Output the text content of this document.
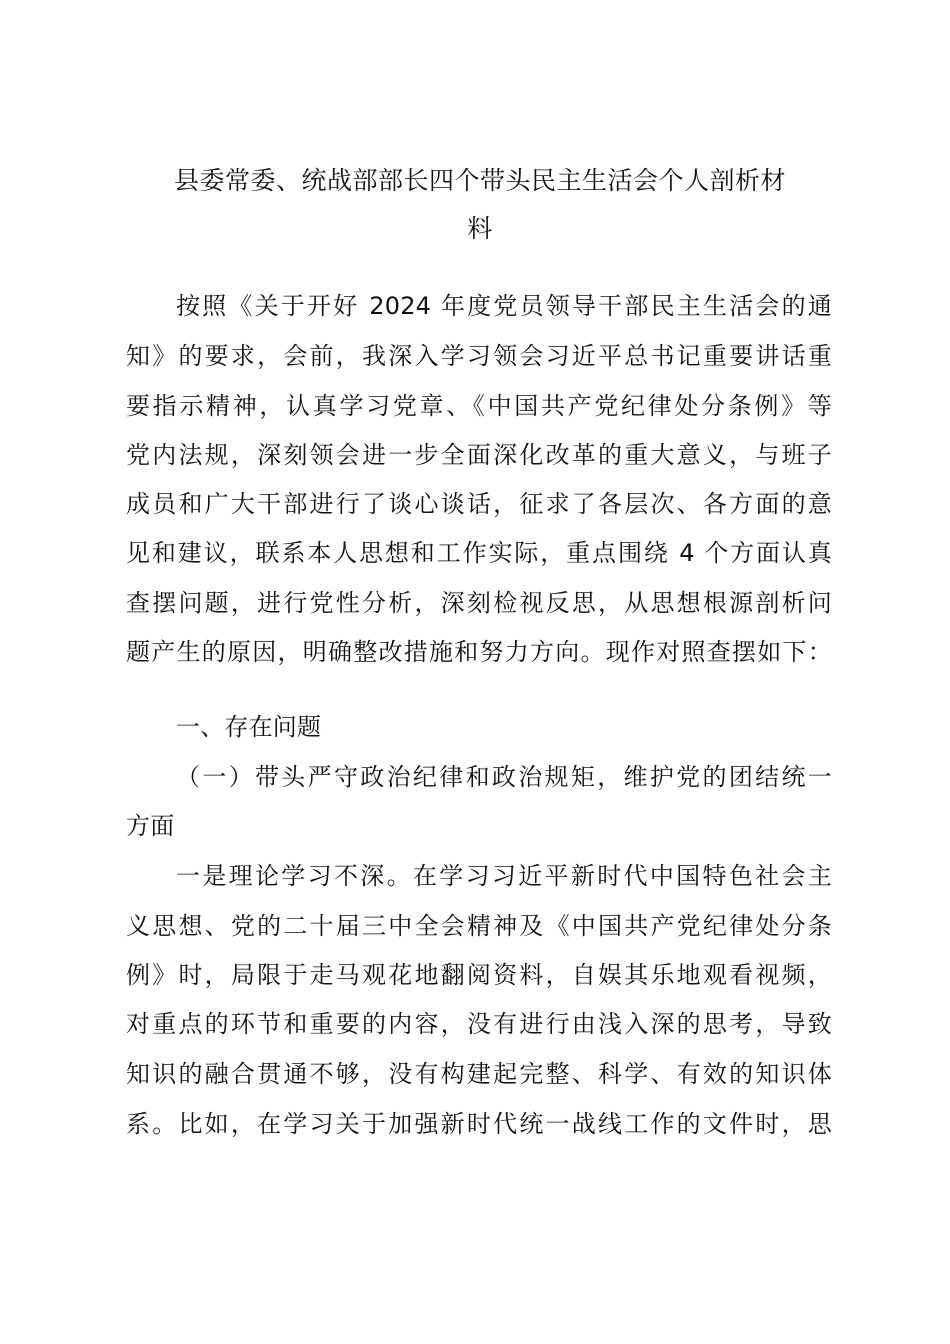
县委常委、统战部部长四个带头民主生活会个人剖析材
料
按照《关于开好 2024 年度党员领导干部民主生活会的通
知》的要求，会前，我深入学习领会习近平总书记重要讲话重
要指示精神，认真学习党章、《中国共产党纪律处分条例》等
党内法规，深刻领会进一步全面深化改革的重大意义，与班子
成员和广大干部进行了谈心谈话，征求了各层次、各方面的意
见和建议，联系本人思想和工作实际，重点围绕 4 个方面认真
查摆问题，进行党性分析，深刻检视反思，从思想根源剖析问
题产生的原因，明确整改措施和努力方向。现作对照查摆如下：
一、存在问题
（一）带头严守政治纪律和政治规矩，维护党的团结统一
方面
一是理论学习不深。在学习习近平新时代中国特色社会主
义思想、党的二十届三中全会精神及《中国共产党纪律处分条
例》时，局限于走马观花地翻阅资料，自娱其乐地观看视频，
对重点的环节和重要的内容，没有进行由浅入深的思考，导致
知识的融合贯通不够，没有构建起完整、科学、有效的知识体
系。比如，在学习关于加强新时代统一战线工作的文件时，思
